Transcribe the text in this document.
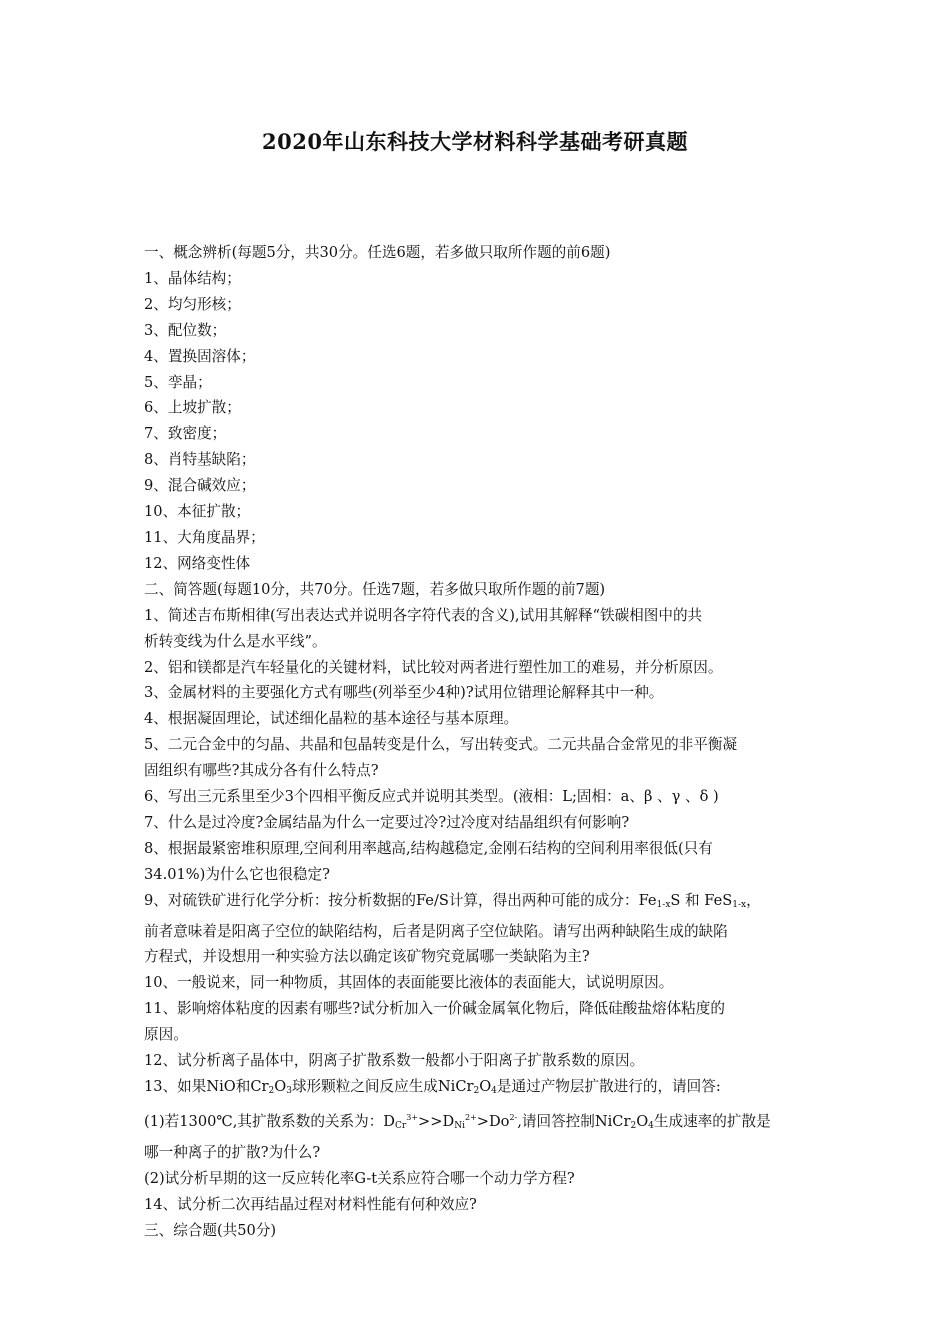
2020年山东科技大学材料科学基础考研真题
一、概念辨析(每题5分，共30分。任选6题，若多做只取所作题的前6题)
1、晶体结构；
2、均匀形核；
3、配位数；
4、置换固溶体；
5、孪晶；
6、上坡扩散；
7、致密度；
8、肖特基缺陷；
9、混合碱效应；
10、本征扩散；
11、大角度晶界；
12、网络变性体
二、简答题(每题10分，共70分。任选7题，若多做只取所作题的前7题)
1、简述吉布斯相律(写出表达式并说明各字符代表的含义),试用其解释“铁碳相图中的共
析转变线为什么是水平线”。
2、铝和镁都是汽车轻量化的关键材料，试比较对两者进行塑性加工的难易，并分析原因。
3、金属材料的主要强化方式有哪些(列举至少4种)?试用位错理论解释其中一种。
4、根据凝固理论，试述细化晶粒的基本途径与基本原理。
5、二元合金中的匀晶、共晶和包晶转变是什么，写出转变式。二元共晶合金常见的非平衡凝
固组织有哪些?其成分各有什么特点?
6、写出三元系里至少3个四相平衡反应式并说明其类型。(液相：L;固相：a、β 、γ 、δ )
7、什么是过冷度?金属结晶为什么一定要过冷?过冷度对结晶组织有何影响?
8、根据最紧密堆积原理,空间利用率越高,结构越稳定,金刚石结构的空间利用率很低(只有
34.01%)为什么它也很稳定?
9、对硫铁矿进行化学分析：按分析数据的Fe/S计算，得出两种可能的成分：$Fe_{1-x}S$ 和 FeS$_{1-x}$，
前者意味着是阳离子空位的缺陷结构，后者是阴离子空位缺陷。请写出两种缺陷生成的缺陷
方程式，并设想用一种实验方法以确定该矿物究竟属哪一类缺陷为主?
10、一般说来，同一种物质，其固体的表面能要比液体的表面能大，试说明原因。
11、影响熔体粘度的因素有哪些?试分析加入一价碱金属氧化物后，降低硅酸盐熔体粘度的
原因。
12、试分析离子晶体中，阴离子扩散系数一般都小于阳离子扩散系数的原因。
13、如果NiO和$Cr_2O_3$球形颗粒之间反应生成$NiCr_2O_4$是通过产物层扩散进行的，请回答:
(1)若1300℃,其扩散系数的关系为：$D_{Cr}^{3+}>>D_{Ni}^{2+}>Do^{2-}$,请回答控制$NiCr_2O_4$生成速率的扩散是
哪一种离子的扩散?为什么?
(2)试分析早期的这一反应转化率G-t关系应符合哪一个动力学方程?
14、试分析二次再结晶过程对材料性能有何种效应?
三、综合题(共50分)
